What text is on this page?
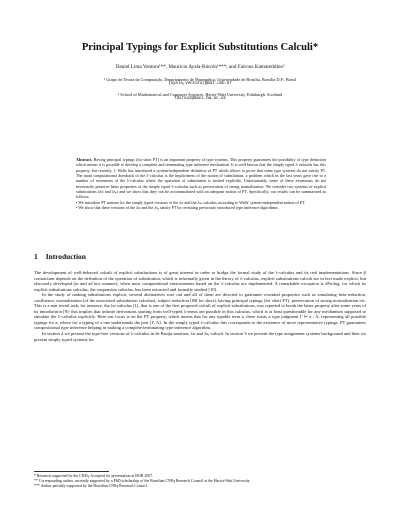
Principal Typings for Explicit Substitutions Calculi*
Daniel Lima Ventura¹**, Mauricio Ayala-Rincón¹***, and Fairouz Kamareddine²
¹ Grupo de Teoria da Computação, Departamento de Matemática, Universidade de Brasília, Brasília D.F., Brasil
{ayala,ventura}@mat.unb.br
² School of Mathematical and Computer Sciences, Heriot-Watt University, Edinburgh, Scotland
fairouz@macs.hw.ac.uk
Abstract. Having principal typings (for short PT) is an important property of type systems. This property guarantees the possibility of type deduction which means it is possible to develop a complete and terminating type inference mechanism. It is well-known that the simply typed λ-calculus has this property, but recently, J. Wells has introduced a system-independent definition of PT which allows to prove that some type systems do not satisfy PT. The main computational drawback of the λ-calculus is the implicitness of the notion of substitution, a problem which in the last years gave rise to a number of extensions of the λ-calculus where the operation of substitution is treated explicitly. Unfortunately, some of these extensions do not necessarily preserve basic properties of the simply typed λ-calculus such as preservation of strong normalization. We consider two systems of explicit substitutions (λσ and λsₑ) and we show that they can be accommodated with an adequate notion of PT. Specifically, our results can be summarized as follows:
• We introduce PT notions for the simply typed versions of the λσ and the λsₑ-calculus according to Wells' system-independent notion of PT.
• We show that these versions of the λσ and the λsₑ satisfy PT by revisiting previously introduced type inference algorithms.
1 Introduction

The development of well-behaved calculi of explicit substitutions is of great interest in order to bridge the formal study of the λ-calculus and its real implementations. Since β contraction depends on the definition of the operation of substitution, which is informally given in the theory of λ-calculus, explicit substitutions calculi are in fact made explicit, but obscurely developed (in and ad hoc manner), when most computational environments based on the λ-calculus are implemented. A remarkable exception is λProlog, for which its explicit substitutions calculus, the suspension calculus, has been extracted and formally studied [10].

In the study of making substitutions explicit, several alternatives rose out and all of them are directed to guarantee essential properties such as simulating beta-reduction, confluence, normalization (of the associated substitution calculus), subject reduction (SR for short), having principal typings (for short PT), preservation of strong normalization etc. This is a non trivial task; for instance, the λσ-calculus [1], that is one of the first proposed calculi of explicit substitutions, was reported to break the latter property after some years of its introduction [9]: this implies that infinite derivations starting from well-typed λ-terms are possible in this calculus, which is at least questionable for any mechanism supposed to simulate the λ-calculus explicitly. Here our focus is on the PT property, which means that for any typable term a, there exists a type judgment Γ ⊢ a : A, representing all possible typings for a, where for a typing of a one understands the pair ⟨Γ, A⟩. In the simply typed λ-calculus this corresponds to the existence of more representative typings. PT guarantees compositional type inference helping in making a complete/terminating type inference algorithm.

In section 2 we present the type-free versions of λ-calculus in de Bruijn notation, λσ and λsₑ-calculi. In section 3 we present the type assignment systems background and then we present simply typed systems for

* Research supported by the CNPq. Accepted for presentation at HOR 2007.
** Corresponding author, currently supported by a PhD scholarship of the Brazilian CNPq Research Council at the Heriot-Watt University.
*** Author partially supported by the Brazilian CNPq Research Council.
